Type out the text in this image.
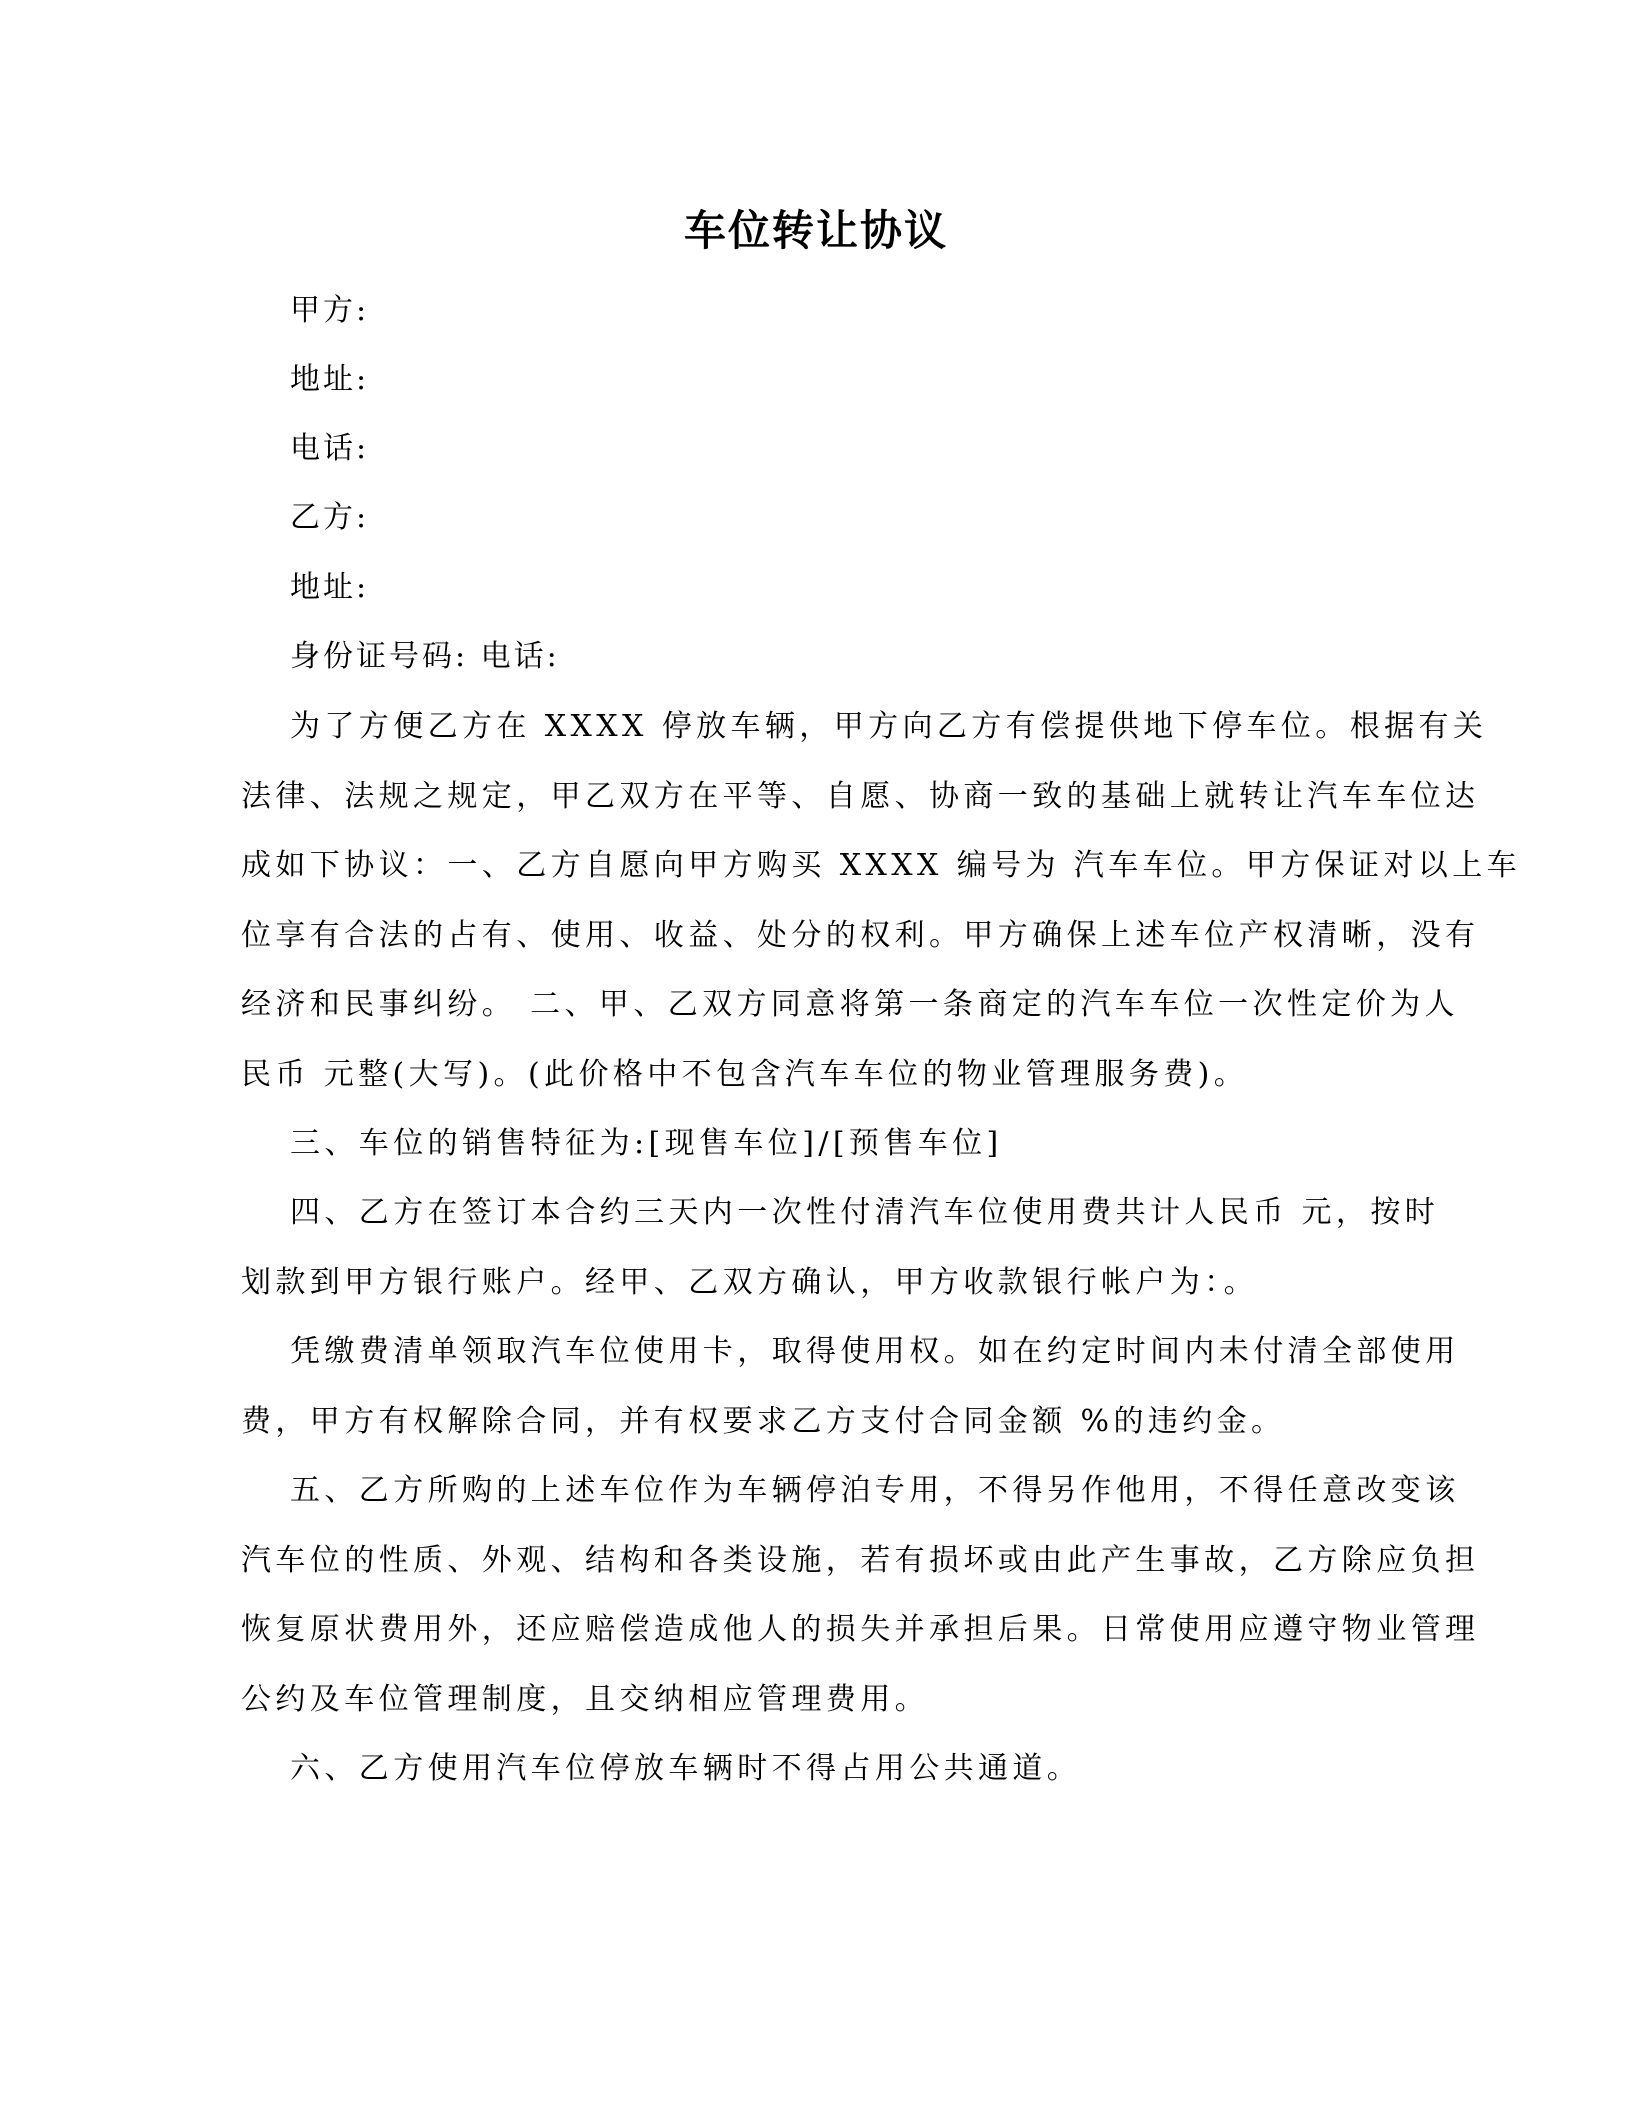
车位转让协议
甲方:
地址:
电话:
乙方:
地址:
身份证号码: 电话:
为了方便乙方在 XXXX 停放车辆，甲方向乙方有偿提供地下停车位。根据有关
法律、法规之规定，甲乙双方在平等、自愿、协商一致的基础上就转让汽车车位达
成如下协议：一、乙方自愿向甲方购买 XXXX 编号为 汽车车位。甲方保证对以上车
位享有合法的占有、使用、收益、处分的权利。甲方确保上述车位产权清晰，没有
经济和民事纠纷。 二、甲、乙双方同意将第一条商定的汽车车位一次性定价为人
民币 元整(大写)。(此价格中不包含汽车车位的物业管理服务费)。
三、车位的销售特征为:[现售车位]/[预售车位]
四、乙方在签订本合约三天内一次性付清汽车位使用费共计人民币 元，按时
划款到甲方银行账户。经甲、乙双方确认，甲方收款银行帐户为：。
凭缴费清单领取汽车位使用卡，取得使用权。如在约定时间内未付清全部使用
费，甲方有权解除合同，并有权要求乙方支付合同金额 %的违约金。
五、乙方所购的上述车位作为车辆停泊专用，不得另作他用，不得任意改变该
汽车位的性质、外观、结构和各类设施，若有损坏或由此产生事故，乙方除应负担
恢复原状费用外，还应赔偿造成他人的损失并承担后果。日常使用应遵守物业管理
公约及车位管理制度，且交纳相应管理费用。
六、乙方使用汽车位停放车辆时不得占用公共通道。
